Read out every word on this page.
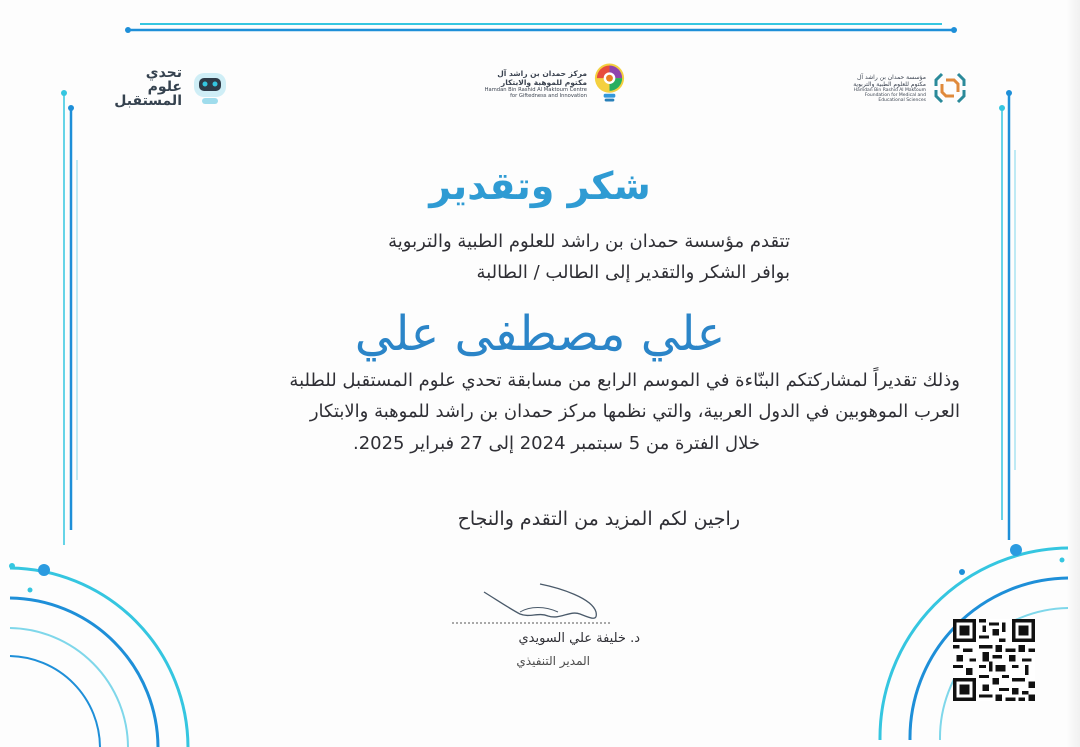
تحدي
علوم
المستقبل
مركز حمدان بن راشد آل مكتوم للموهبة والابتكار
Hamdan Bin Rashid Al Maktoum Centre for Giftedness and Innovation
مؤسسة حمدان بن راشد آل مكتوم للعلوم الطبية والتربوية
Hamdan Bin Rashid Al Maktoum Foundation for Medical and Educational Sciences
شكر وتقدير
تتقدم مؤسسة حمدان بن راشد للعلوم الطبية والتربوية
بوافر الشكر والتقدير إلى الطالب / الطالبة
علي مصطفى علي
وذلك تقديراً لمشاركتكم البنّاءة في الموسم الرابع من مسابقة تحدي علوم المستقبل للطلبة
العرب الموهوبين في الدول العربية، والتي نظمها مركز حمدان بن راشد للموهبة والابتكار
خلال الفترة من 5 سبتمبر 2024 إلى 27 فبراير 2025.
راجين لكم المزيد من التقدم والنجاح
د. خليفة علي السويدي
المدير التنفيذي
